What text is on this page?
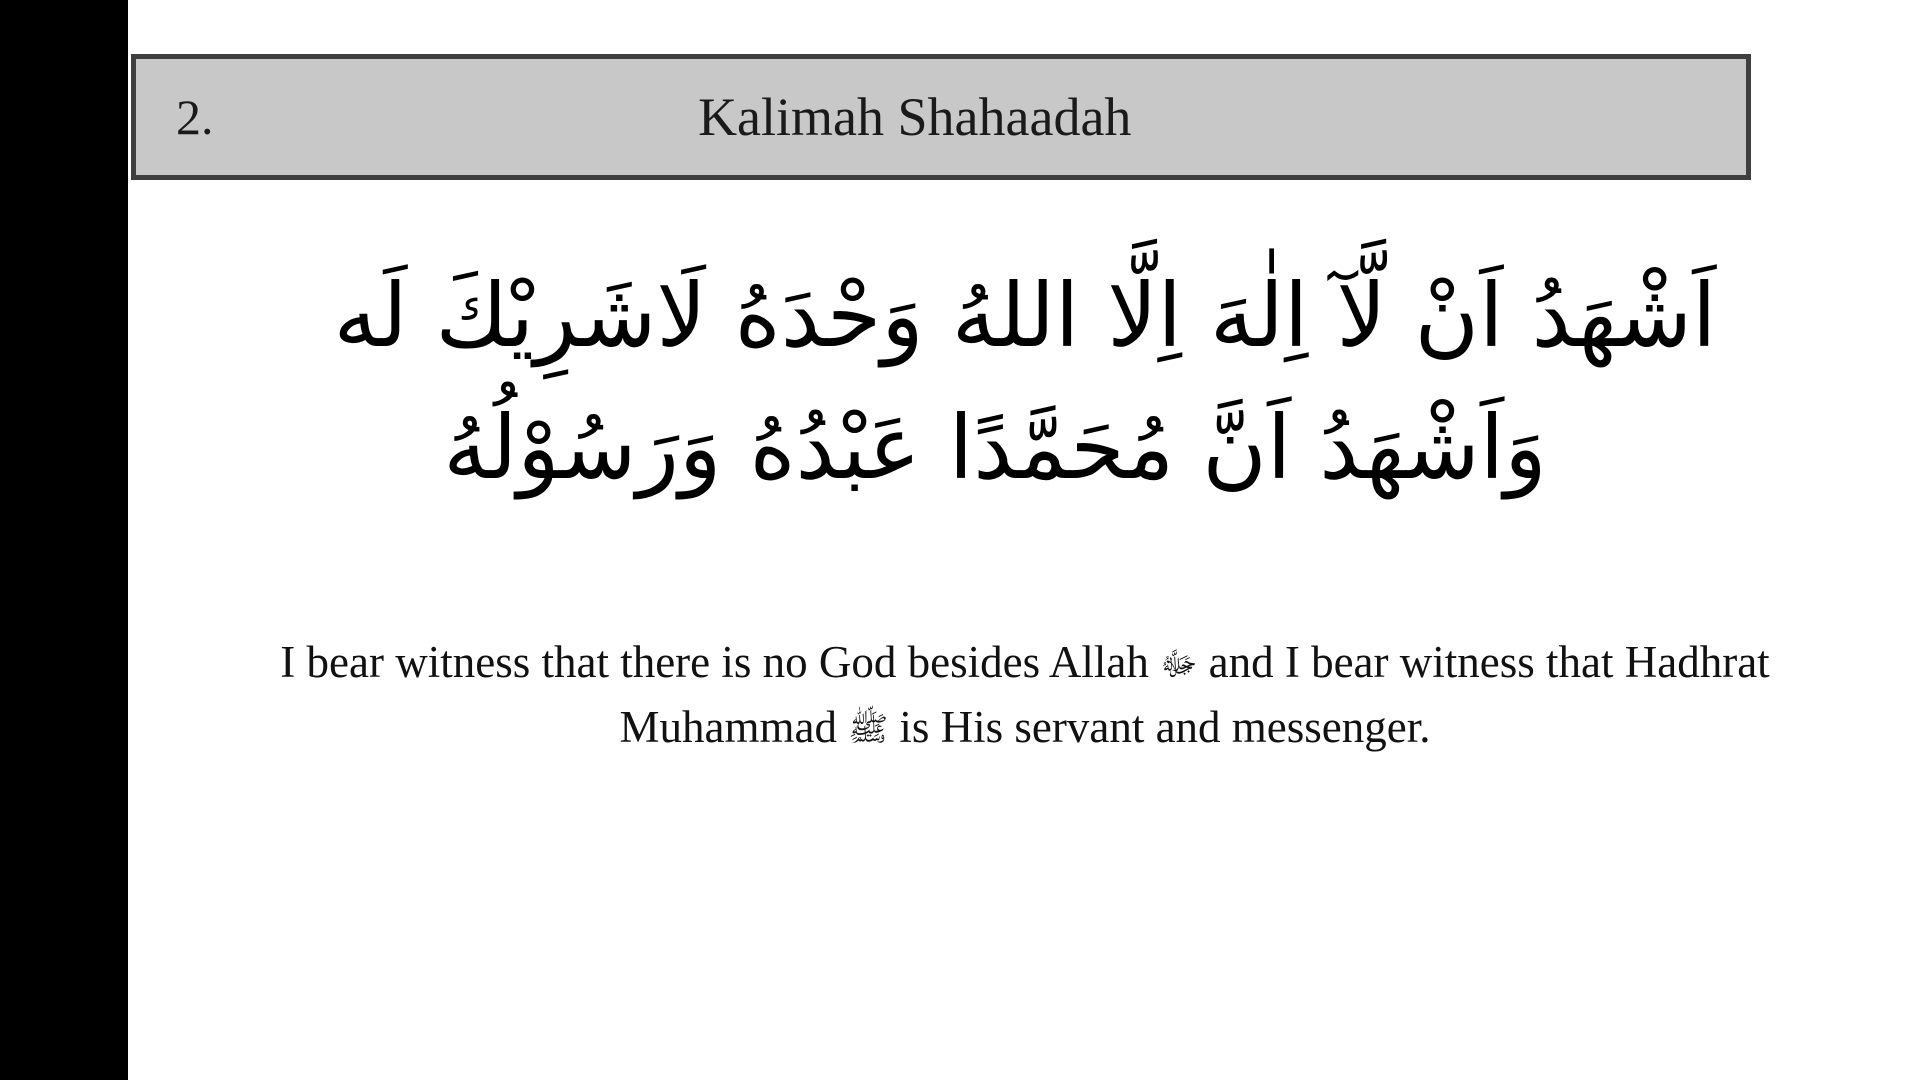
2.	Kalimah Shahaadah
اَشْهَدُ اَنْ لَّآ اِلٰهَ اِلَّا اللهُ وَحْدَهُ لَاشَرِيْكَ لَه
وَاَشْهَدُ اَنَّ مُحَمَّدًا عَبْدُهُ وَرَسُوْلُهُ
I bear witness that there is no God besides Allah ﷻ and I bear witness that Hadhrat Muhammad ﷺ is His servant and messenger.
